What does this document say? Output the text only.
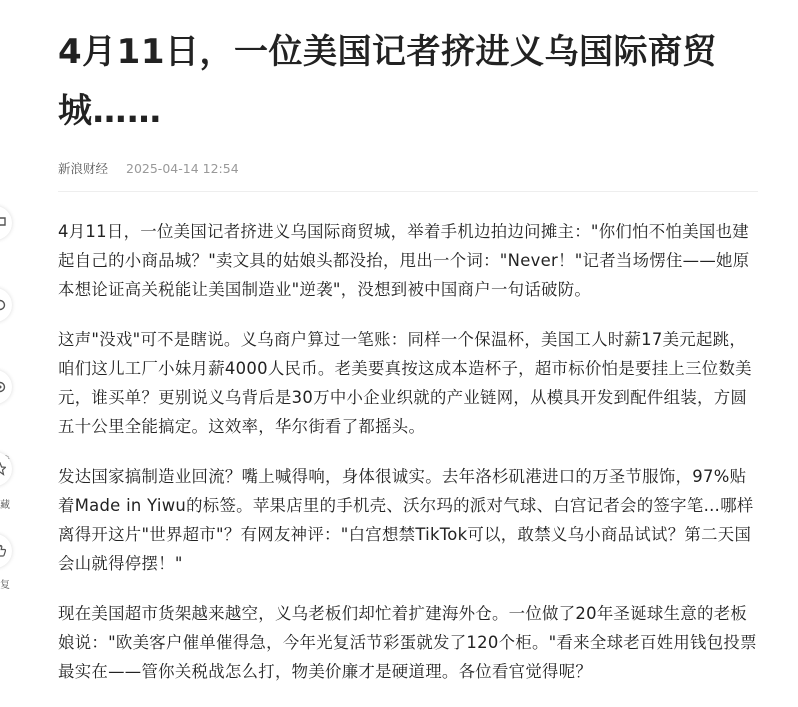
藏
复
4月11日，一位美国记者挤进义乌国际商贸城……
新浪财经 2025-04-14 12:54

4月11日，一位美国记者挤进义乌国际商贸城，举着手机边拍边问摊主："你们怕不怕美国也建起自己的小商品城？"卖文具的姑娘头都没抬，甩出一个词："Never！"记者当场愣住——她原本想论证高关税能让美国制造业"逆袭"，没想到被中国商户一句话破防。

这声"没戏"可不是瞎说。义乌商户算过一笔账：同样一个保温杯，美国工人时薪17美元起跳，咱们这儿工厂小妹月薪4000人民币。老美要真按这成本造杯子，超市标价怕是要挂上三位数美元，谁买单？更别说义乌背后是30万中小企业织就的产业链网，从模具开发到配件组装，方圆五十公里全能搞定。这效率，华尔街看了都摇头。

发达国家搞制造业回流？嘴上喊得响，身体很诚实。去年洛杉矶港进口的万圣节服饰，97%贴着Made in Yiwu的标签。苹果店里的手机壳、沃尔玛的派对气球、白宫记者会的签字笔…哪样离得开这片"世界超市"？有网友神评："白宫想禁TikTok可以，敢禁义乌小商品试试？第二天国会山就得停摆！"

现在美国超市货架越来越空，义乌老板们却忙着扩建海外仓。一位做了20年圣诞球生意的老板娘说："欧美客户催单催得急，今年光复活节彩蛋就发了120个柜。"看来全球老百姓用钱包投票最实在——管你关税战怎么打，物美价廉才是硬道理。各位看官觉得呢？
